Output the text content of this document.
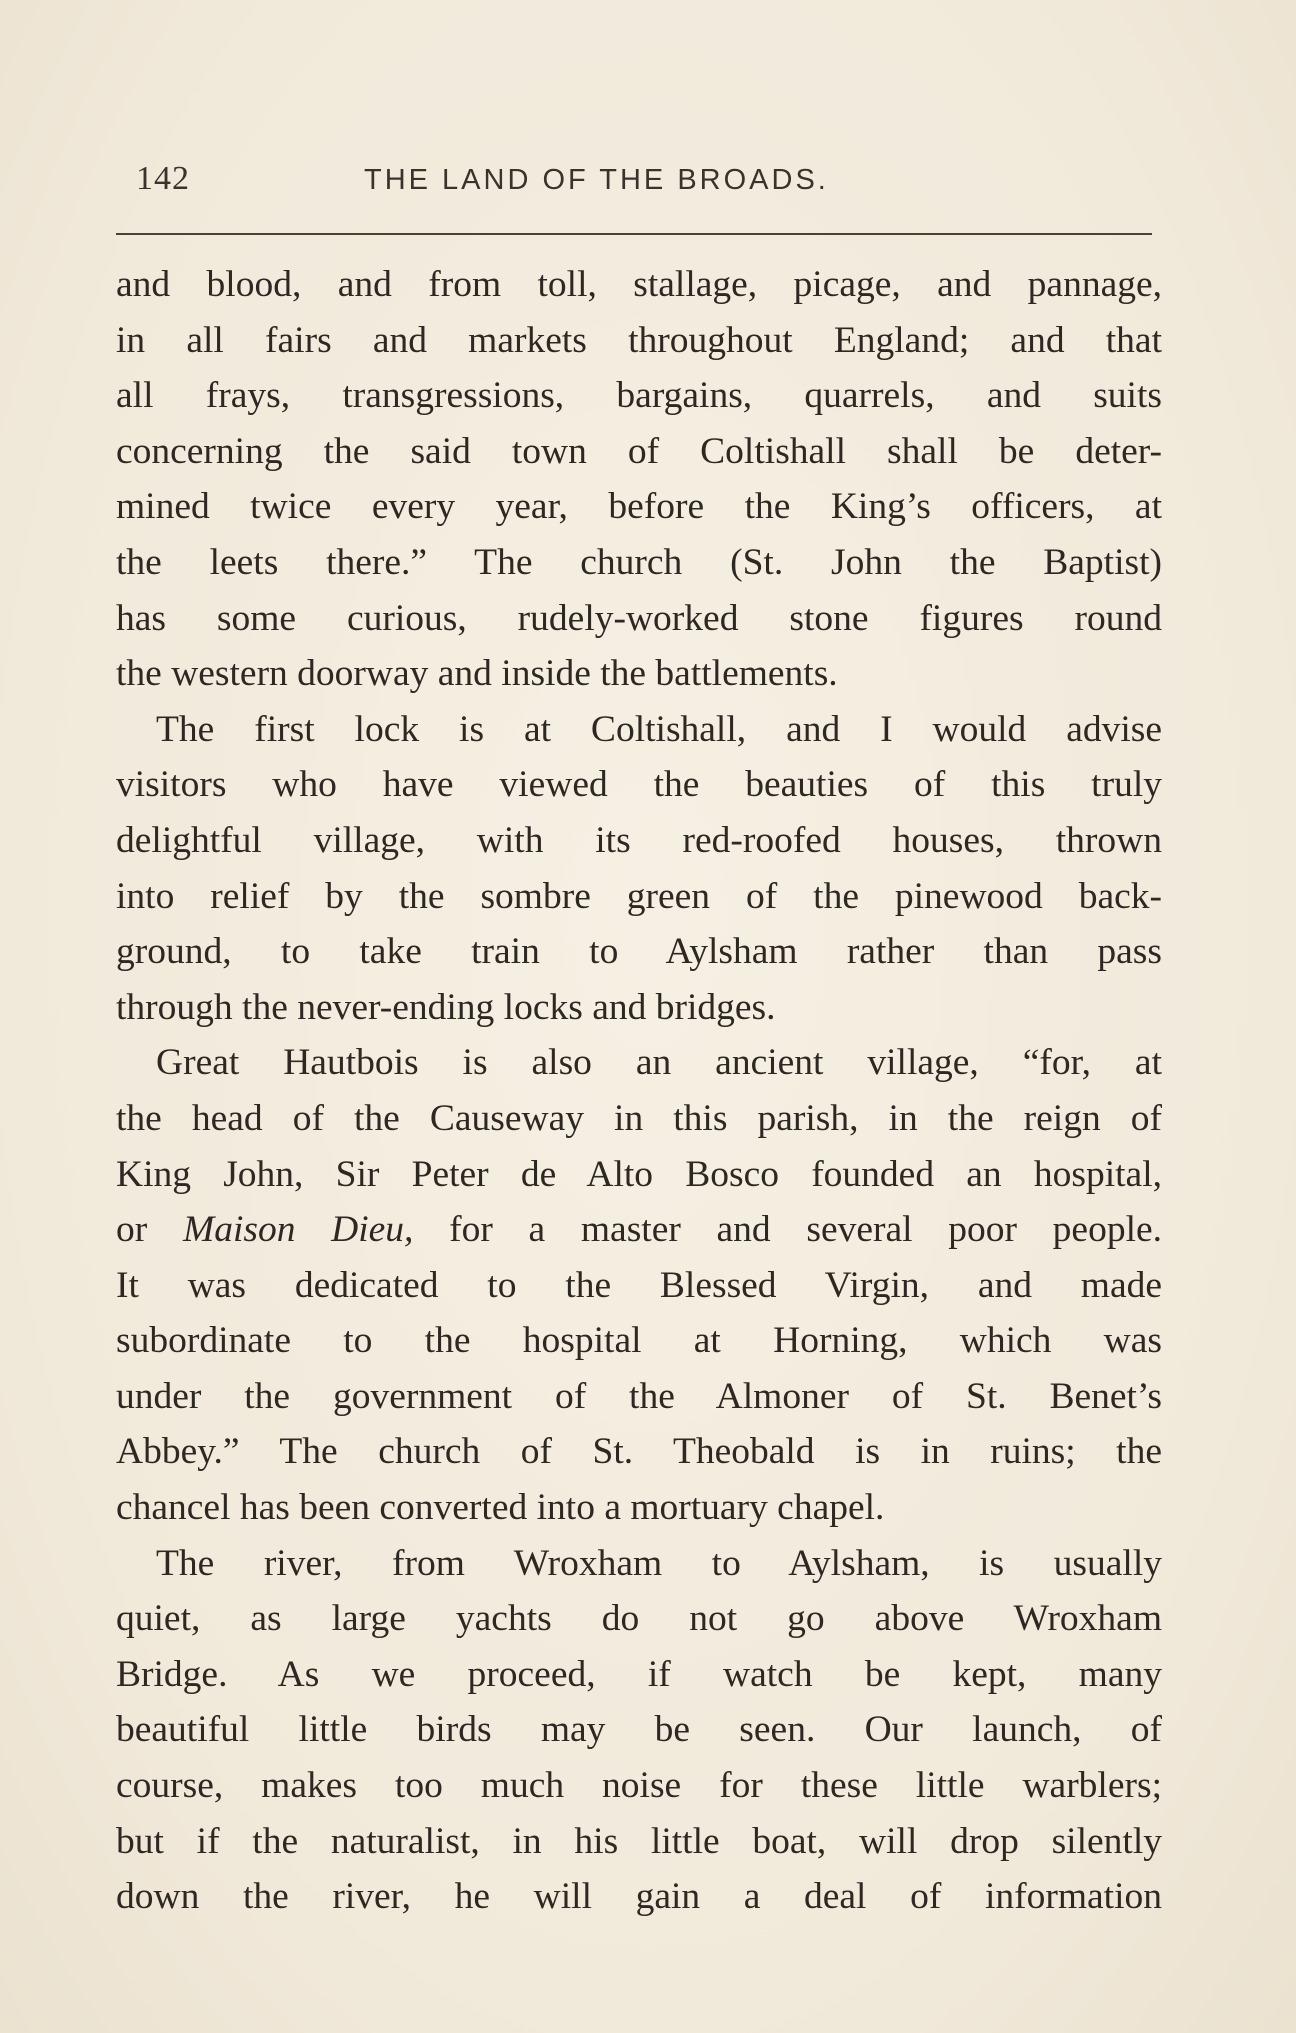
142	THE LAND OF THE BROADS.
and blood, and from toll, stallage, picage, and pannage,
in all fairs and markets throughout England; and that
all frays, transgressions, bargains, quarrels, and suits
concerning the said town of Coltishall shall be deter-
mined twice every year, before the King’s officers, at
the leets there.” The church (St. John the Baptist)
has some curious, rudely-worked stone figures round
the western doorway and inside the battlements.
The first lock is at Coltishall, and I would advise
visitors who have viewed the beauties of this truly
delightful village, with its red-roofed houses, thrown
into relief by the sombre green of the pinewood back-
ground, to take train to Aylsham rather than pass
through the never-ending locks and bridges.
Great Hautbois is also an ancient village, “for, at
the head of the Causeway in this parish, in the reign of
King John, Sir Peter de Alto Bosco founded an hospital,
or Maison Dieu, for a master and several poor people.
It was dedicated to the Blessed Virgin, and made
subordinate to the hospital at Horning, which was
under the government of the Almoner of St. Benet’s
Abbey.” The church of St. Theobald is in ruins; the
chancel has been converted into a mortuary chapel.
The river, from Wroxham to Aylsham, is usually
quiet, as large yachts do not go above Wroxham
Bridge. As we proceed, if watch be kept, many
beautiful little birds may be seen. Our launch, of
course, makes too much noise for these little warblers;
but if the naturalist, in his little boat, will drop silently
down the river, he will gain a deal of information
